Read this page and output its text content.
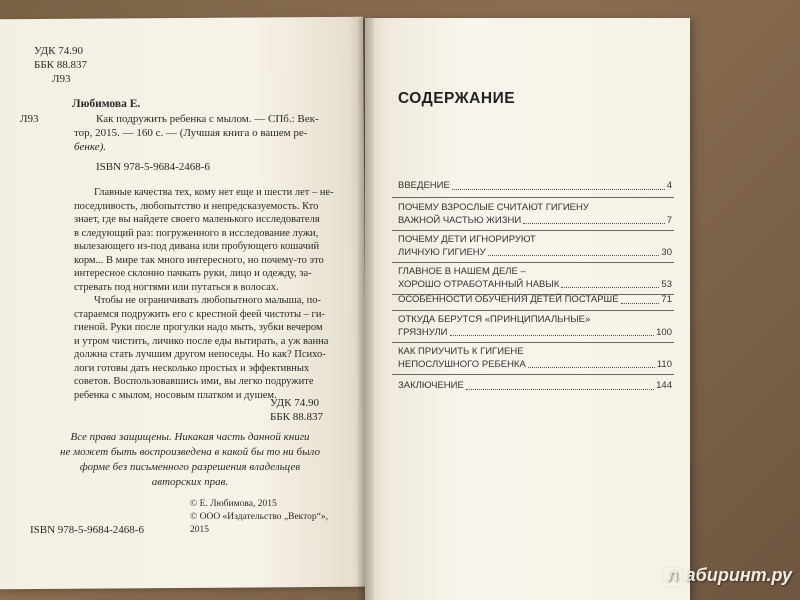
УДК 74.90
ББК 88.837
Л93
Л93
Любимова Е.
Как подружить ребенка с мылом. — СПб.: Век-
тор, 2015. — 160 с. — (Лучшая книга о вашем ре-
бенке).
ISBN 978-5-9684-2468-6
Главные качества тех, кому нет еще и шести лет – не-
поседливость, любопытство и непредсказуемость. Кто
знает, где вы найдете своего маленького исследователя
в следующий раз: погруженного в исследование лужи,
вылезающего из-под дивана или пробующего кошачий
корм... В мире так много интересного, но почему-то это
интересное склонно пачкать руки, лицо и одежду, за-
стревать под ногтями или путаться в волосах.
Чтобы не ограничивать любопытного малыша, по-
стараемся подружить его с крестной феей чистоты – ги-
гиеной. Руки после прогулки надо мыть, зубки вечером
и утром чистить, личико после еды вытирать, а уж ванна
должна стать лучшим другом непоседы. Но как? Психо-
логи готовы дать несколько простых и эффективных
советов. Воспользовавшись ими, вы легко подружите
ребенка с мылом, носовым платком и душем.
УДК 74.90
ББК 88.837
Все права защищены. Никакая часть данной книги
не может быть воспроизведена в какой бы то ни было
форме без письменного разрешения владельцев
авторских прав.
ISBN 978-5-9684-2468-6
© Е. Любимова, 2015
© ООО «Издательство „Вектор“»,
2015
СОДЕРЖАНИЕ
ВВЕДЕНИЕ	4
ПОЧЕМУ ВЗРОСЛЫЕ СЧИТАЮТ ГИГИЕНУ
ВАЖНОЙ ЧАСТЬЮ ЖИЗНИ	7
ПОЧЕМУ ДЕТИ ИГНОРИРУЮТ
ЛИЧНУЮ ГИГИЕНУ	30
ГЛАВНОЕ В НАШЕМ ДЕЛЕ –
ХОРОШО ОТРАБОТАННЫЙ НАВЫК	53
ОСОБЕННОСТИ ОБУЧЕНИЯ ДЕТЕЙ ПОСТАРШЕ	71
ОТКУДА БЕРУТСЯ «ПРИНЦИПИАЛЬНЫЕ»
ГРЯЗНУЛИ	100
КАК ПРИУЧИТЬ К ГИГИЕНЕ
НЕПОСЛУШНОГО РЕБЕНКА	110
ЗАКЛЮЧЕНИЕ	144
Л абиринт.ру
